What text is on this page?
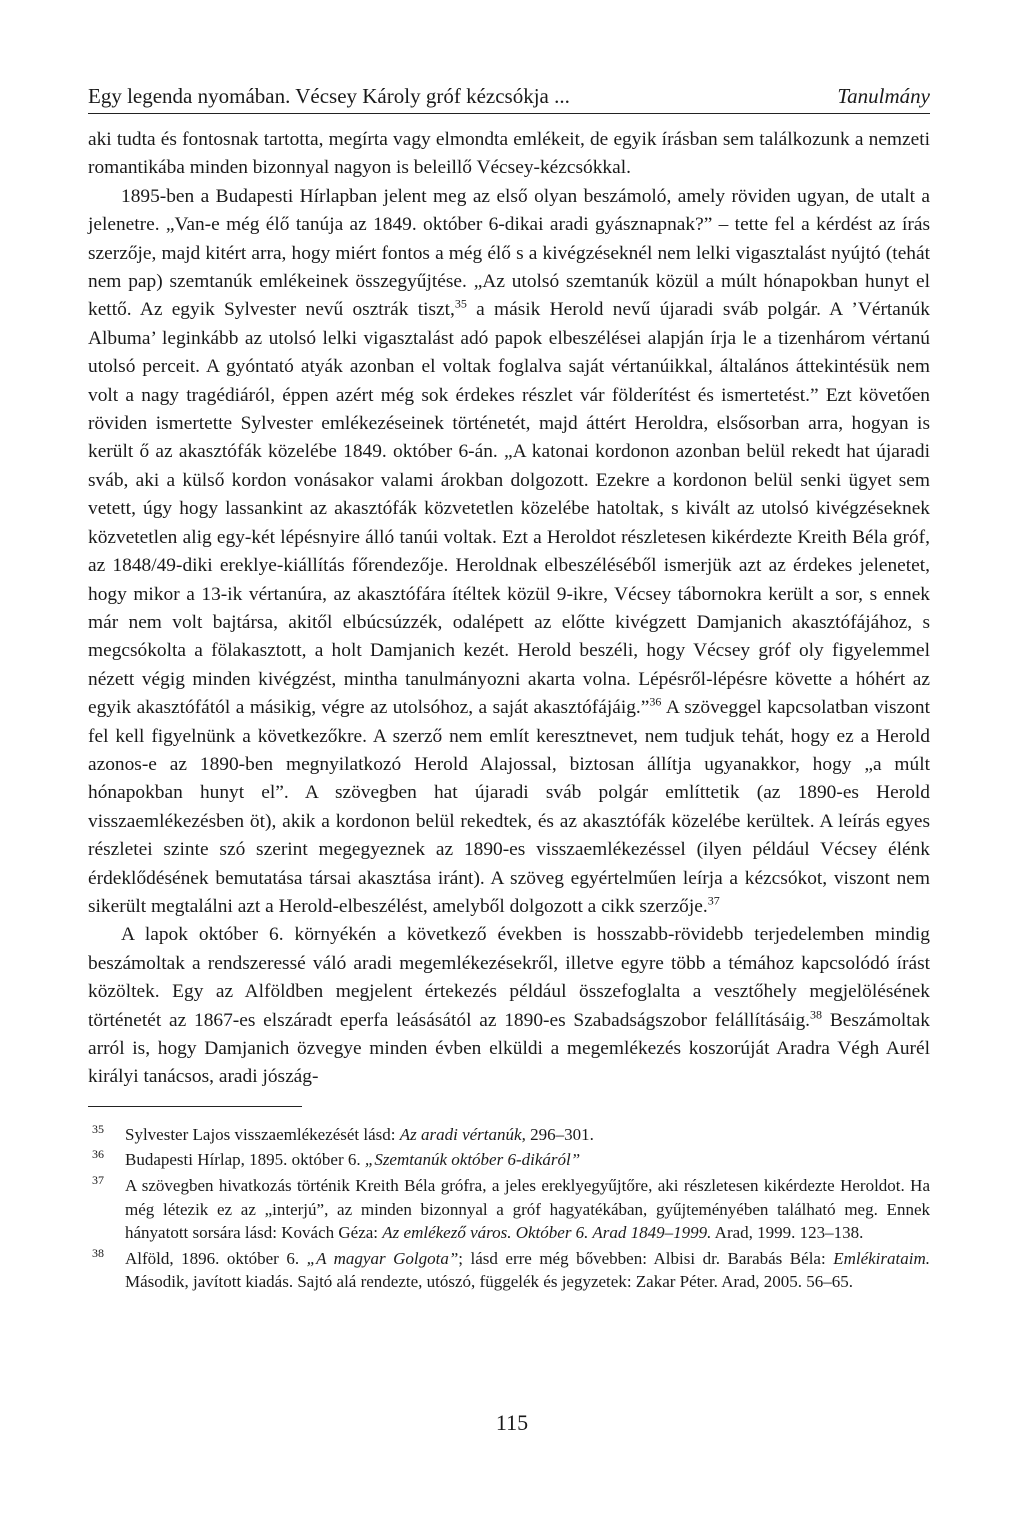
Egy legenda nyomában. Vécsey Károly gróf kézcsókja ...	Tanulmány

aki tudta és fontosnak tartotta, megírta vagy elmondta emlékeit, de egyik írásban sem találkozunk a nemzeti romantikába minden bizonnyal nagyon is beleillő Vécsey-kézcsókkal.

1895-ben a Budapesti Hírlapban jelent meg az első olyan beszámoló, amely röviden ugyan, de utalt a jelenetre. „Van-e még élő tanúja az 1849. október 6-dikai aradi gyásznapnak?” – tette fel a kérdést az írás szerzője, majd kitért arra, hogy miért fontos a még élő s a kivégzéseknél nem lelki vigasztalást nyújtó (tehát nem pap) szemtanúk emlékeinek összegyűjtése. „Az utolsó szemtanúk közül a múlt hónapokban hunyt el kettő. Az egyik Sylvester nevű osztrák tiszt,$^{35}$ a másik Herold nevű újaradi sváb polgár. A ’Vértanúk Albuma’ leginkább az utolsó lelki vigasztalást adó papok elbeszélései alapján írja le a tizenhárom vértanú utolsó perceit. A gyóntató atyák azonban el voltak foglalva saját vértanúikkal, általános áttekintésük nem volt a nagy tragédiáról, éppen azért még sok érdekes részlet vár földerítést és ismertetést.” Ezt követően röviden ismertette Sylvester emlékezéseinek történetét, majd áttért Heroldra, elsősorban arra, hogyan is került ő az akasztófák közelébe 1849. október 6-án. „A katonai kordonon azonban belül rekedt hat újaradi sváb, aki a külső kordon vonásakor valami árokban dolgozott. Ezekre a kordonon belül senki ügyet sem vetett, úgy hogy lassankint az akasztófák közvetetlen közelébe hatoltak, s kivált az utolsó kivégzéseknek közvetetlen alig egy-két lépésnyire álló tanúi voltak. Ezt a Heroldot részletesen kikérdezte Kreith Béla gróf, az 1848/49-diki ereklye-kiállítás főrendezője. Heroldnak elbeszéléséből ismerjük azt az érdekes jelenetet, hogy mikor a 13-ik vértanúra, az akasztófára ítéltek közül 9-ikre, Vécsey tábornokra került a sor, s ennek már nem volt bajtársa, akitől elbúcsúzzék, odalépett az előtte kivégzett Damjanich akasztófájához, s megcsókolta a fölakasztott, a holt Damjanich kezét. Herold beszéli, hogy Vécsey gróf oly figyelemmel nézett végig minden kivégzést, mintha tanulmányozni akarta volna. Lépésről-lépésre követte a hóhért az egyik akasztófától a másikig, végre az utolsóhoz, a saját akasztófájáig.”$^{36}$ A szöveggel kapcsolatban viszont fel kell figyelnünk a következőkre. A szerző nem említ keresztnevet, nem tudjuk tehát, hogy ez a Herold azonos-e az 1890-ben megnyilatkozó Herold Alajossal, biztosan állítja ugyanakkor, hogy „a múlt hónapokban hunyt el”. A szövegben hat újaradi sváb polgár említtetik (az 1890-es Herold visszaemlékezésben öt), akik a kordonon belül rekedtek, és az akasztófák közelébe kerültek. A leírás egyes részletei szinte szó szerint megegyeznek az 1890-es visszaemlékezéssel (ilyen például Vécsey élénk érdeklődésének bemutatása társai akasztása iránt). A szöveg egyértelműen leírja a kézcsókot, viszont nem sikerült megtalálni azt a Herold-elbeszélést, amelyből dolgozott a cikk szerzője.$^{37}$

A lapok október 6. környékén a következő években is hosszabb-rövidebb terjedelemben mindig beszámoltak a rendszeressé váló aradi megemlékezésekről, illetve egyre több a témához kapcsolódó írást közöltek. Egy az Alföldben megjelent értekezés például összefoglalta a vesztőhely megjelölésének történetét az 1867-es elszáradt eperfa leásásától az 1890-es Szabadságszobor felállításáig.$^{38}$ Beszámoltak arról is, hogy Damjanich özvegye minden évben elküldi a megemlékezés koszorúját Aradra Végh Aurél királyi tanácsos, aradi jószág-

35	Sylvester Lajos visszaemlékezését lásd: Az aradi vértanúk, 296–301.
36	Budapesti Hírlap, 1895. október 6. „Szemtanúk október 6-dikáról”
37	A szövegben hivatkozás történik Kreith Béla grófra, a jeles ereklyegyűjtőre, aki részletesen kikérdezte Heroldot. Ha még létezik ez az „interjú”, az minden bizonnyal a gróf hagyatékában, gyűjteményében található meg. Ennek hányatott sorsára lásd: Kovách Géza: Az emlékező város. Október 6. Arad 1849–1999. Arad, 1999. 123–138.
38	Alföld, 1896. október 6. „A magyar Golgota”; lásd erre még bővebben: Albisi dr. Barabás Béla: Emlékirataim. Második, javított kiadás. Sajtó alá rendezte, utószó, függelék és jegyzetek: Zakar Péter. Arad, 2005. 56–65.
115
